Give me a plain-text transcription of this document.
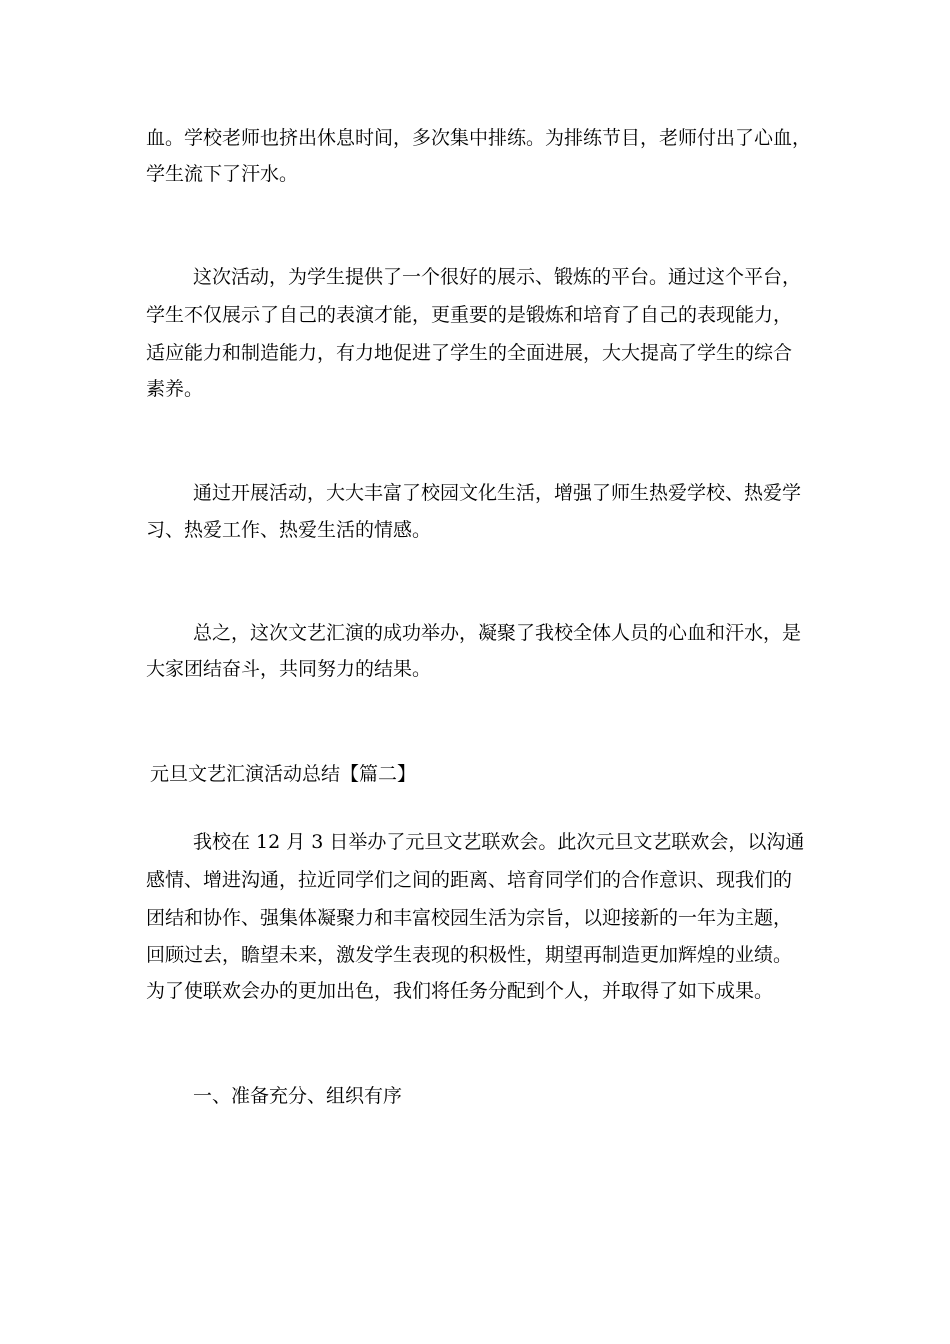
血。学校老师也挤出休息时间，多次集中排练。为排练节目，老师付出了心血，
学生流下了汗水。
这次活动，为学生提供了一个很好的展示、锻炼的平台。通过这个平台，
学生不仅展示了自己的表演才能，更重要的是锻炼和培育了自己的表现能力，
适应能力和制造能力，有力地促进了学生的全面进展，大大提高了学生的综合
素养。
通过开展活动，大大丰富了校园文化生活，增强了师生热爱学校、热爱学
习、热爱工作、热爱生活的情感。
总之，这次文艺汇演的成功举办，凝聚了我校全体人员的心血和汗水，是
大家团结奋斗，共同努力的结果。
元旦文艺汇演活动总结【篇二】
我校在 12 月 3 日举办了元旦文艺联欢会。此次元旦文艺联欢会，以沟通
感情、增进沟通，拉近同学们之间的距离、培育同学们的合作意识、现我们的
团结和协作、强集体凝聚力和丰富校园生活为宗旨，以迎接新的一年为主题，
回顾过去，瞻望未来，激发学生表现的积极性，期望再制造更加辉煌的业绩。
为了使联欢会办的更加出色，我们将任务分配到个人，并取得了如下成果。
一、准备充分、组织有序
